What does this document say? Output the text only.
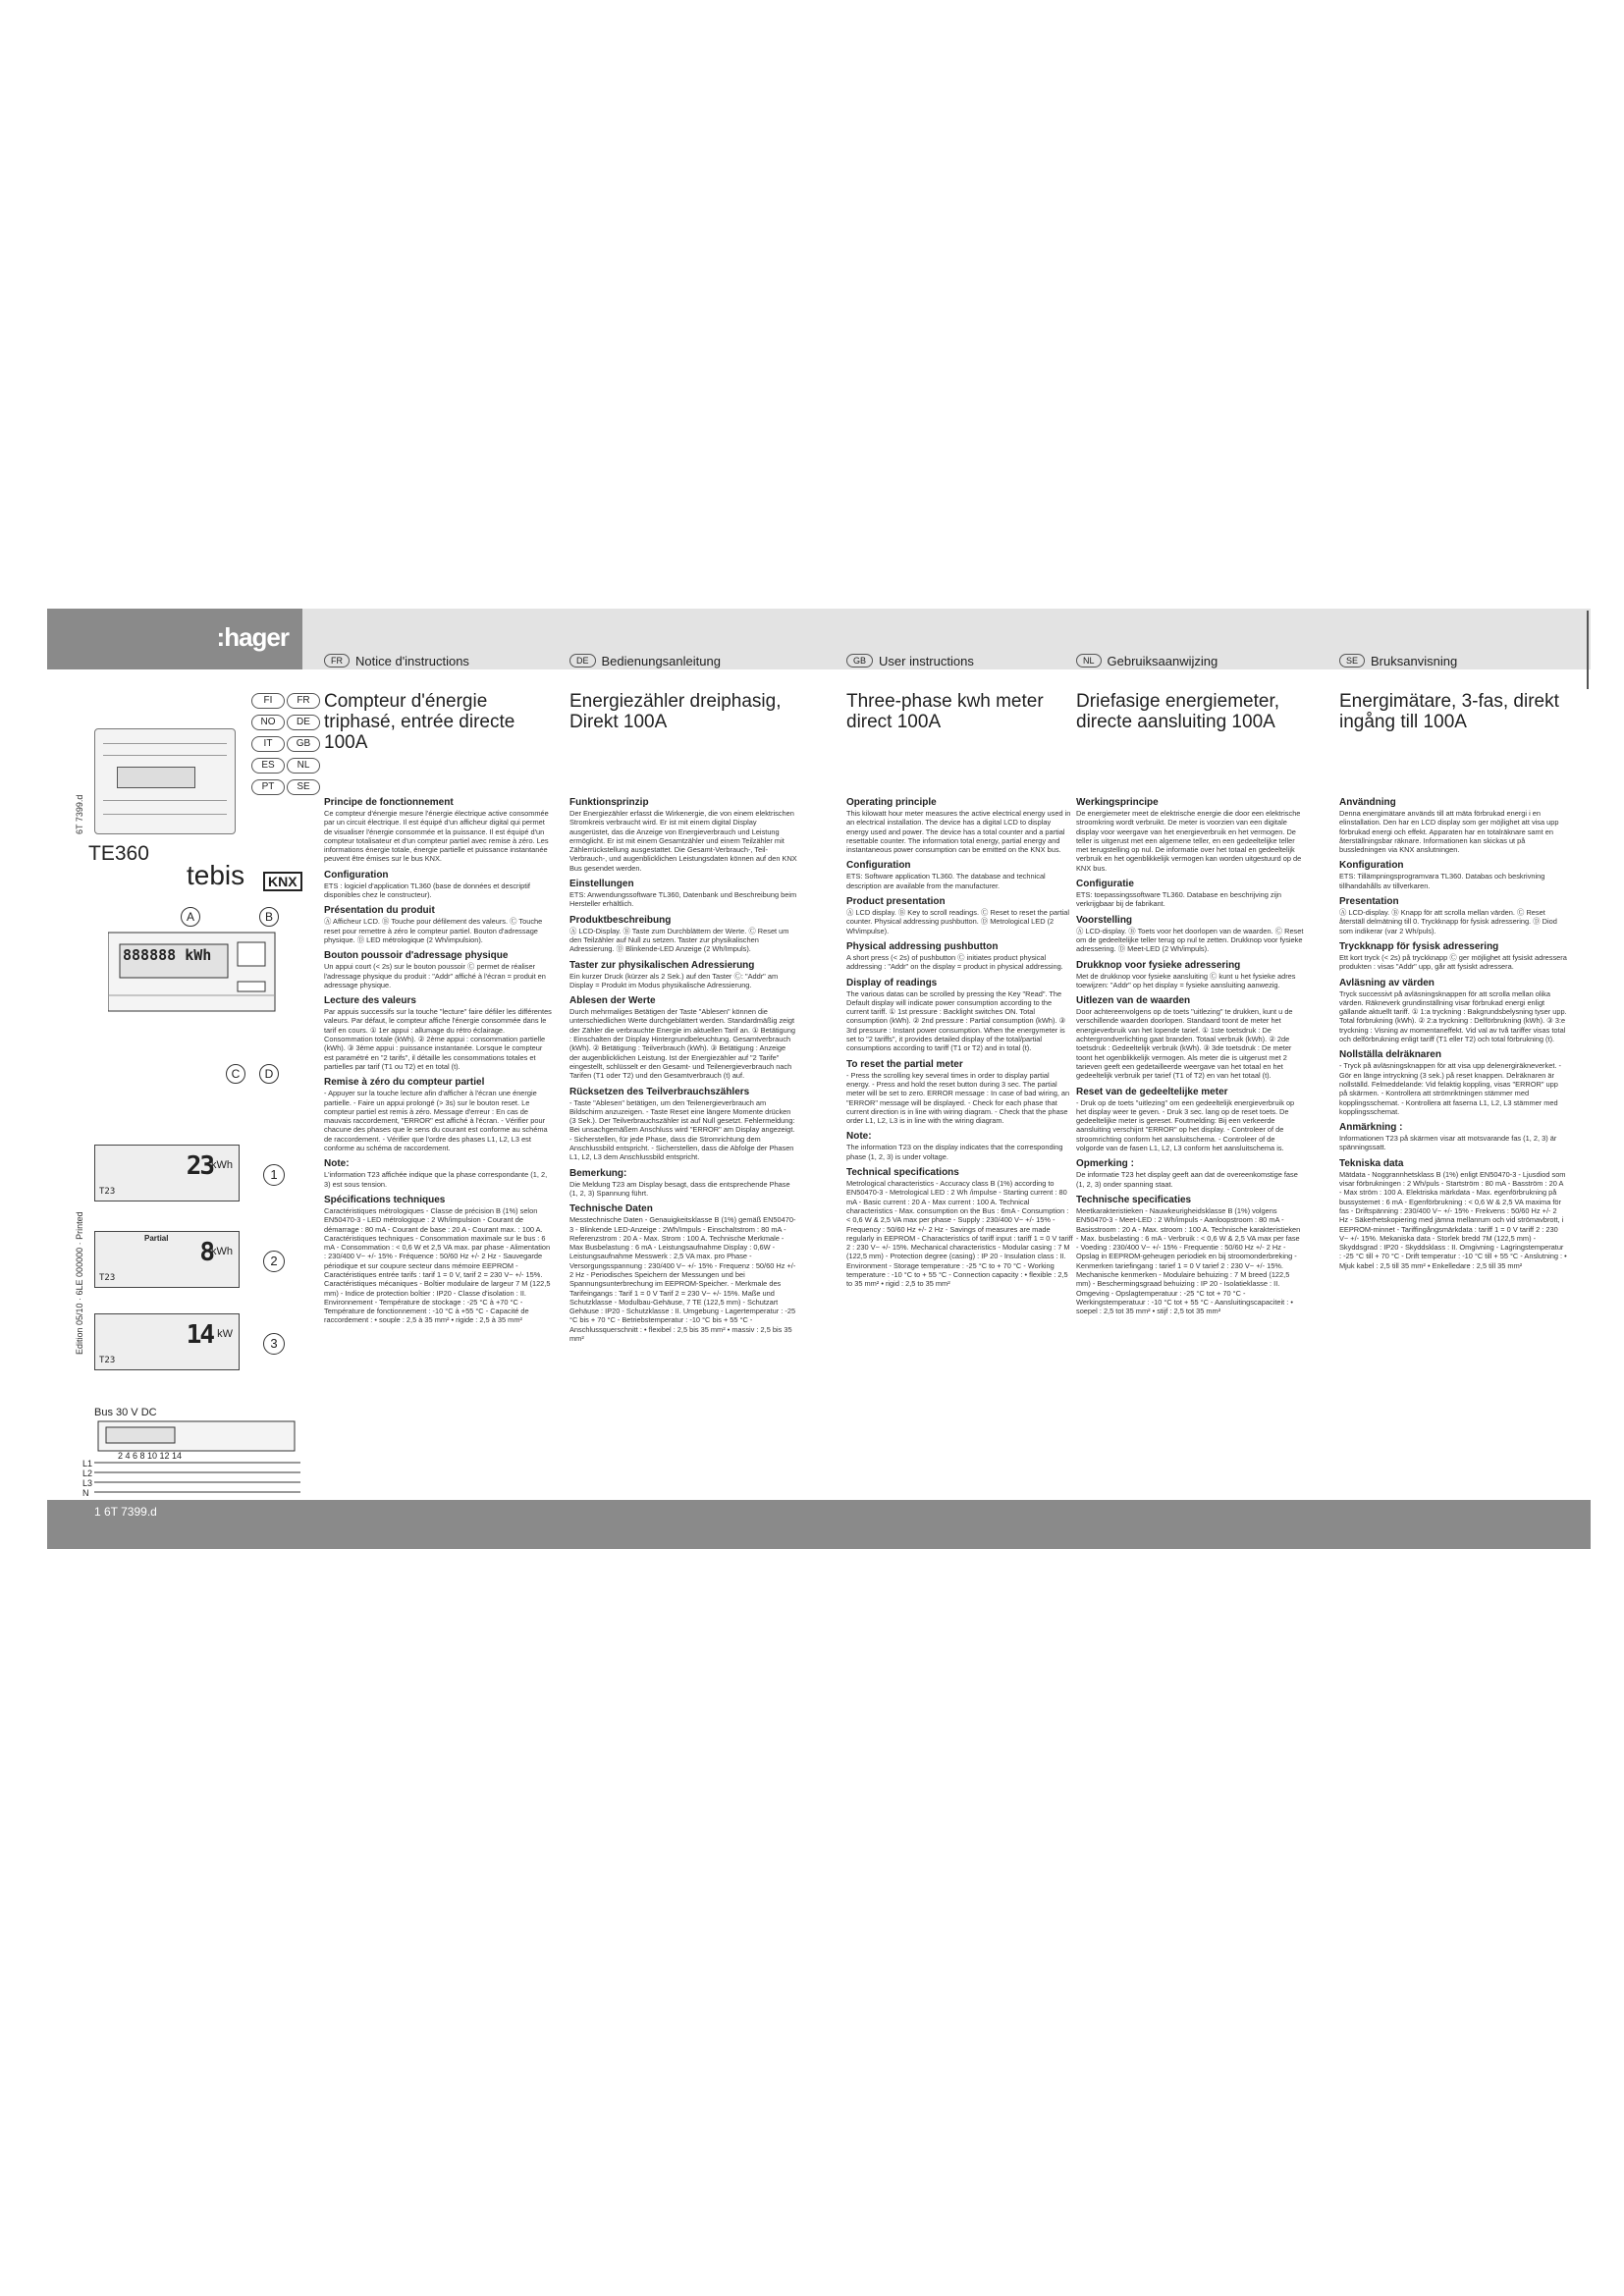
:hager
FR	Notice d'instructions	DE	Bedienungsanleitung	GB	User instructions	NL	Gebruiksaanwijzing	SE	Bruksanvisning
Compteur d'énergie triphasé, entrée directe 100A
Energiezähler dreiphasig, Direkt 100A
Three-phase kwh meter direct 100A
Driefasige energiemeter, directe aansluiting 100A
Energimätare, 3-fas, direkt ingång till 100A
Principe de fonctionnement

Ce compteur d'énergie mesure l'énergie électrique active consommée par un circuit électrique. Il est équipé d'un afficheur digital qui permet de visualiser l'énergie consommée et la puissance. Il est équipé d'un compteur totalisateur et d'un compteur partiel avec remise à zéro. Les informations énergie totale, énergie partielle et puissance instantanée peuvent être émises sur le bus KNX.

Configuration

ETS : logiciel d'application TL360 (base de données et descriptif disponibles chez le constructeur).

Présentation du produit

Ⓐ Afficheur LCD. Ⓑ Touche pour défilement des valeurs. Ⓒ Touche reset pour remettre à zéro le compteur partiel. Bouton d'adressage physique. Ⓓ LED métrologique (2 Wh/impulsion).

Bouton poussoir d'adressage physique

Un appui court (< 2s) sur le bouton poussoir Ⓒ permet de réaliser l'adressage physique du produit : "Addr" affiché à l'écran = produit en adressage physique.

Lecture des valeurs

Par appuis successifs sur la touche "lecture" faire défiler les différentes valeurs. Par défaut, le compteur affiche l'énergie consommée dans le tarif en cours. ① 1er appui : allumage du rétro éclairage. Consommation totale (kWh). ② 2ème appui : consommation partielle (kWh). ③ 3ème appui : puissance instantanée. Lorsque le compteur est paramétré en "2 tarifs", il détaille les consommations totales et partielles par tarif (T1 ou T2) et en total (t).

Remise à zéro du compteur partiel

- Appuyer sur la touche lecture afin d'afficher à l'écran une énergie partielle. - Faire un appui prolongé (> 3s) sur le bouton reset. Le compteur partiel est remis à zéro. Message d'erreur : En cas de mauvais raccordement, "ERROR" est affiché à l'écran. - Vérifier pour chacune des phases que le sens du courant est conforme au schéma de raccordement. - Vérifier que l'ordre des phases L1, L2, L3 est conforme au schéma de raccordement.

Note:

L'information T23 affichée indique que la phase correspondante (1, 2, 3) est sous tension.

Spécifications techniques

Caractéristiques métrologiques - Classe de précision B (1%) selon EN50470-3 - LED métrologique : 2 Wh/impulsion - Courant de démarrage : 80 mA - Courant de base : 20 A - Courant max. : 100 A. Caractéristiques techniques - Consommation maximale sur le bus : 6 mA - Consommation : < 0,6 W et 2,5 VA max. par phase - Alimentation : 230/400 V~ +/- 15% - Fréquence : 50/60 Hz +/- 2 Hz - Sauvegarde périodique et sur coupure secteur dans mémoire EEPROM - Caractéristiques entrée tarifs : tarif 1 = 0 V, tarif 2 = 230 V~ +/- 15%. Caractéristiques mécaniques - Boîtier modulaire de largeur 7 M (122,5 mm) - Indice de protection boîtier : IP20 - Classe d'isolation : II. Environnement - Température de stockage : -25 °C à +70 °C - Température de fonctionnement : -10 °C à +55 °C - Capacité de raccordement : • souple : 2,5 à 35 mm² • rigide : 2,5 à 35 mm²

Funktionsprinzip

Der Energiezähler erfasst die Wirkenergie, die von einem elektrischen Stromkreis verbraucht wird. Er ist mit einem digital Display ausgerüstet, das die Anzeige von Energieverbrauch und Leistung ermöglicht. Er ist mit einem Gesamtzähler und einem Teilzähler mit Zählerrückstellung ausgestattet. Die Gesamt-Verbrauch-, Teil-Verbrauch-, und augenblicklichen Leistungsdaten können auf den KNX Bus gesendet werden.

Einstellungen

ETS: Anwendungssoftware TL360, Datenbank und Beschreibung beim Hersteller erhältlich.

Produktbeschreibung

Ⓐ LCD-Display. Ⓑ Taste zum Durchblättern der Werte. Ⓒ Reset um den Teilzähler auf Null zu setzen. Taster zur physikalischen Adressierung. Ⓓ Blinkende-LED Anzeige (2 Wh/Impuls).

Taster zur physikalischen Adressierung

Ein kurzer Druck (kürzer als 2 Sek.) auf den Taster Ⓒ: "Addr" am Display = Produkt im Modus physikalische Adressierung.

Ablesen der Werte

Durch mehrmaliges Betätigen der Taste "Ablesen" können die unterschiedlichen Werte durchgeblättert werden. Standardmäßig zeigt der Zähler die verbrauchte Energie im aktuellen Tarif an. ① Betätigung : Einschalten der Display Hintergrundbeleuchtung. Gesamtverbrauch (kWh). ② Betätigung : Teilverbrauch (kWh). ③ Betätigung : Anzeige der augenblicklichen Leistung. Ist der Energiezähler auf "2 Tarife" eingestellt, schlüsselt er den Gesamt- und Teilenergieverbrauch nach Tarifen (T1 oder T2) und den Gesamtverbrauch (t) auf.

Rücksetzen des Teilverbrauchszählers

- Taste "Ablesen" betätigen, um den Teilenergieverbrauch am Bildschirm anzuzeigen. - Taste Reset eine längere Momente drücken (3 Sek.). Der Teilverbrauchszähler ist auf Null gesetzt. Fehlermeldung: Bei unsachgemäßem Anschluss wird "ERROR" am Display angezeigt. - Sicherstellen, für jede Phase, dass die Stromrichtung dem Anschlussbild entspricht. - Sicherstellen, dass die Abfolge der Phasen L1, L2, L3 dem Anschlussbild entspricht.

Bemerkung:

Die Meldung T23 am Display besagt, dass die entsprechende Phase (1, 2, 3) Spannung führt.

Technische Daten

Messtechnische Daten - Genauigkeitsklasse B (1%) gemäß EN50470-3 - Blinkende LED-Anzeige : 2Wh/Impuls - Einschaltstrom : 80 mA - Referenzstrom : 20 A - Max. Strom : 100 A. Technische Merkmale - Max Busbelastung : 6 mA - Leistungsaufnahme Display : 0,6W - Leistungsaufnahme Messwerk : 2,5 VA max. pro Phase - Versorgungsspannung : 230/400 V~ +/- 15% - Frequenz : 50/60 Hz +/- 2 Hz - Periodisches Speichern der Messungen und bei Spannungsunterbrechung im EEPROM-Speicher. - Merkmale des Tarifeingangs : Tarif 1 = 0 V Tarif 2 = 230 V~ +/- 15%. Maße und Schutzklasse - Modulbau-Gehäuse, 7 TE (122,5 mm) - Schutzart Gehäuse : IP20 - Schutzklasse : II. Umgebung - Lagertemperatur : -25 °C bis + 70 °C - Betriebstemperatur : -10 °C bis + 55 °C - Anschlussquerschnitt : • flexibel : 2,5 bis 35 mm² • massiv : 2,5 bis 35 mm²

Operating principle

This kilowatt hour meter measures the active electrical energy used in an electrical installation. The device has a digital LCD to display energy used and power. The device has a total counter and a partial resettable counter. The information total energy, partial energy and instantaneous power consumption can be emitted on the KNX bus.

Configuration

ETS: Software application TL360. The database and technical description are available from the manufacturer.

Product presentation

Ⓐ LCD display. Ⓑ Key to scroll readings. Ⓒ Reset to reset the partial counter. Physical addressing pushbutton. Ⓓ Metrological LED (2 Wh/impulse).

Physical addressing pushbutton

A short press (< 2s) of pushbutton Ⓒ initiates product physical addressing : "Addr" on the display = product in physical addressing.

Display of readings

The various datas can be scrolled by pressing the Key "Read". The Default display will indicate power consumption according to the current tariff. ① 1st pressure : Backlight switches ON. Total consumption (kWh). ② 2nd pressure : Partial consumption (kWh). ③ 3rd pressure : Instant power consumption. When the energymeter is set to "2 tariffs", it provides detailed display of the total/partial consumptions according to tariff (T1 or T2) and in total (t).

To reset the partial meter

- Press the scrolling key several times in order to display partial energy. - Press and hold the reset button during 3 sec. The partial meter will be set to zero. ERROR message : In case of bad wiring, an "ERROR" message will be displayed. - Check for each phase that current direction is in line with wiring diagram. - Check that the phase order L1, L2, L3 is in line with the wiring diagram.

Note:

The information T23 on the display indicates that the corresponding phase (1, 2, 3) is under voltage.

Technical specifications

Metrological characteristics - Accuracy class B (1%) according to EN50470-3 - Metrological LED : 2 Wh /impulse - Starting current : 80 mA - Basic current : 20 A - Max current : 100 A. Technical characteristics - Max. consumption on the Bus : 6mA - Consumption : < 0,6 W & 2,5 VA max per phase - Supply : 230/400 V~ +/- 15% - Frequency : 50/60 Hz +/- 2 Hz - Savings of measures are made regularly in EEPROM - Characteristics of tariff input : tariff 1 = 0 V tariff 2 : 230 V~ +/- 15%. Mechanical characteristics - Modular casing : 7 M (122,5 mm) - Protection degree (casing) : IP 20 - Insulation class : II. Environment - Storage temperature : -25 °C to + 70 °C - Working temperature : -10 °C to + 55 °C - Connection capacity : • flexible : 2,5 to 35 mm² • rigid : 2,5 to 35 mm²

Werkingsprincipe

De energiemeter meet de elektrische energie die door een elektrische stroomkring wordt verbruikt. De meter is voorzien van een digitale display voor weergave van het energieverbruik en het vermogen. De teller is uitgerust met een algemene teller, en een gedeeltelijke teller met terugstelling op nul. De informatie over het totaal en gedeeltelijk verbruik en het ogenblikkelijk vermogen kan worden uitgestuurd op de KNX bus.

Configuratie

ETS: toepassingssoftware TL360. Database en beschrijving zijn verkrijgbaar bij de fabrikant.

Voorstelling

Ⓐ LCD-display. Ⓑ Toets voor het doorlopen van de waarden. Ⓒ Reset om de gedeeltelijke teller terug op nul te zetten. Drukknop voor fysieke adressering. Ⓓ Meet-LED (2 Wh/impuls).

Drukknop voor fysieke adressering

Met de drukknop voor fysieke aansluiting Ⓒ kunt u het fysieke adres toewijzen: "Addr" op het display = fysieke aansluiting aanwezig.

Uitlezen van de waarden

Door achtereenvolgens op de toets "uitlezing" te drukken, kunt u de verschillende waarden doorlopen. Standaard toont de meter het energieverbruik van het lopende tarief. ① 1ste toetsdruk : De achtergrondverlichting gaat branden. Totaal verbruik (kWh). ② 2de toetsdruk : Gedeeltelijk verbruik (kWh). ③ 3de toetsdruk : De meter toont het ogenblikkelijk vermogen. Als meter die is uitgerust met 2 tarieven geeft een gedetailleerde weergave van het totaal en het gedeeltelijk verbruik per tarief (T1 of T2) en van het totaal (t).

Reset van de gedeeltelijke meter

- Druk op de toets "uitlezing" om een gedeeltelijk energieverbruik op het display weer te geven. - Druk 3 sec. lang op de reset toets. De gedeeltelijke meter is gereset. Foutmelding: Bij een verkeerde aansluiting verschijnt "ERROR" op het display. - Controleer of de stroomrichting conform het aansluitschema. - Controleer of de volgorde van de fasen L1, L2, L3 conform het aansluitschema is.

Opmerking :

De informatie T23 het display geeft aan dat de overeenkomstige fase (1, 2, 3) onder spanning staat.

Technische specificaties

Meetkarakteristieken - Nauwkeurigheidsklasse B (1%) volgens EN50470-3 - Meet-LED : 2 Wh/impuls - Aanloopstroom : 80 mA - Basisstroom : 20 A - Max. stroom : 100 A. Technische karakteristieken - Max. busbelasting : 6 mA - Verbruik : < 0,6 W & 2,5 VA max per fase - Voeding : 230/400 V~ +/- 15% - Frequentie : 50/60 Hz +/- 2 Hz - Opslag in EEPROM-geheugen periodiek en bij stroomonderbreking - Kenmerken tariefingang : tarief 1 = 0 V tarief 2 : 230 V~ +/- 15%. Mechanische kenmerken - Modulaire behuizing : 7 M breed (122,5 mm) - Beschermingsgraad behuizing : IP 20 - Isolatieklasse : II. Omgeving - Opslagtemperatuur : -25 °C tot + 70 °C - Werkingstemperatuur : -10 °C tot + 55 °C - Aansluitingscapaciteit : • soepel : 2,5 tot 35 mm² • stijf : 2,5 tot 35 mm²

Användning

Denna energimätare används till att mäta förbrukad energi i en elinstallation. Den har en LCD display som ger möjlighet att visa upp förbrukad energi och effekt. Apparaten har en totalräknare samt en återställningsbar räknare. Informationen kan skickas ut på bussledningen via KNX anslutningen.

Konfiguration

ETS: Tillämpningsprogramvara TL360. Databas och beskrivning tillhandahålls av tillverkaren.

Presentation

Ⓐ LCD-display. Ⓑ Knapp för att scrolla mellan värden. Ⓒ Reset återställ delmätning till 0. Tryckknapp för fysisk adressering. Ⓓ Diod som indikerar (var 2 Wh/puls).

Tryckknapp för fysisk adressering

Ett kort tryck (< 2s) på tryckknapp Ⓒ ger möjlighet att fysiskt adressera produkten : visas "Addr" upp, går att fysiskt adressera.

Avläsning av värden

Tryck successivt på avläsningsknappen för att scrolla mellan olika värden. Räkneverk grundinställning visar förbrukad energi enligt gällande aktuellt tariff. ① 1:a tryckning : Bakgrundsbelysning tyser upp. Total förbrukning (kWh). ② 2:a tryckning : Delförbrukning (kWh). ③ 3:e tryckning : Visning av momentaneffekt. Vid val av två tariffer visas total och delförbrukning enligt tariff (T1 eller T2) och total förbrukning (t).

Nollställa delräknaren

- Tryck på avläsningsknappen för att visa upp delenergiräkneverket. - Gör en länge intryckning (3 sek.) på reset knappen. Delräknaren är nollställd. Felmeddelande: Vid felaktig koppling, visas "ERROR" upp på skärmen. - Kontrollera att strömriktningen stämmer med kopplingsschemat. - Kontrollera att faserna L1, L2, L3 stämmer med kopplingsschemat.

Anmärkning :

Informationen T23 på skärmen visar att motsvarande fas (1, 2, 3) är spänningssatt.

Tekniska data

Mätdata - Noggrannhetsklass B (1%) enligt EN50470-3 - Ljusdiod som visar förbrukningen : 2 Wh/puls - Startström : 80 mA - Basström : 20 A - Max ström : 100 A. Elektriska märkdata - Max. egenförbrukning på bussystemet : 6 mA - Egenförbrukning : < 0,6 W & 2,5 VA maxima för fas - Driftspänning : 230/400 V~ +/- 15% - Frekvens : 50/60 Hz +/- 2 Hz - Säkerhetskopiering med jämna mellanrum och vid strömavbrott, i EEPROM-minnet - Tariffingångsmärkdata : tariff 1 = 0 V tariff 2 : 230 V~ +/- 15%. Mekaniska data - Storlek bredd 7M (122,5 mm) - Skyddsgrad : IP20 - Skyddsklass : II. Omgivning - Lagringstemperatur : -25 °C till + 70 °C - Drift temperatur : -10 °C till + 55 °C - Anslutning : • Mjuk kabel : 2,5 till 35 mm² • Enkelledare : 2,5 till 35 mm²

FI	FR
NO	DE
IT	GB
ES	NL
PT	SE
6T 7399.d
Edition 05/10 · 6LE 000000 · Printed
TE360
tebis	KNX
A	B
C	D
888888 kWh
23
kWh
T23
1
Partial 8
kWh
T23
2
14 kW
T23
3
Bus 30 V DC
2 4 6 8 10 12 14
L1
L2
L3
N
1 6T 7399.d
